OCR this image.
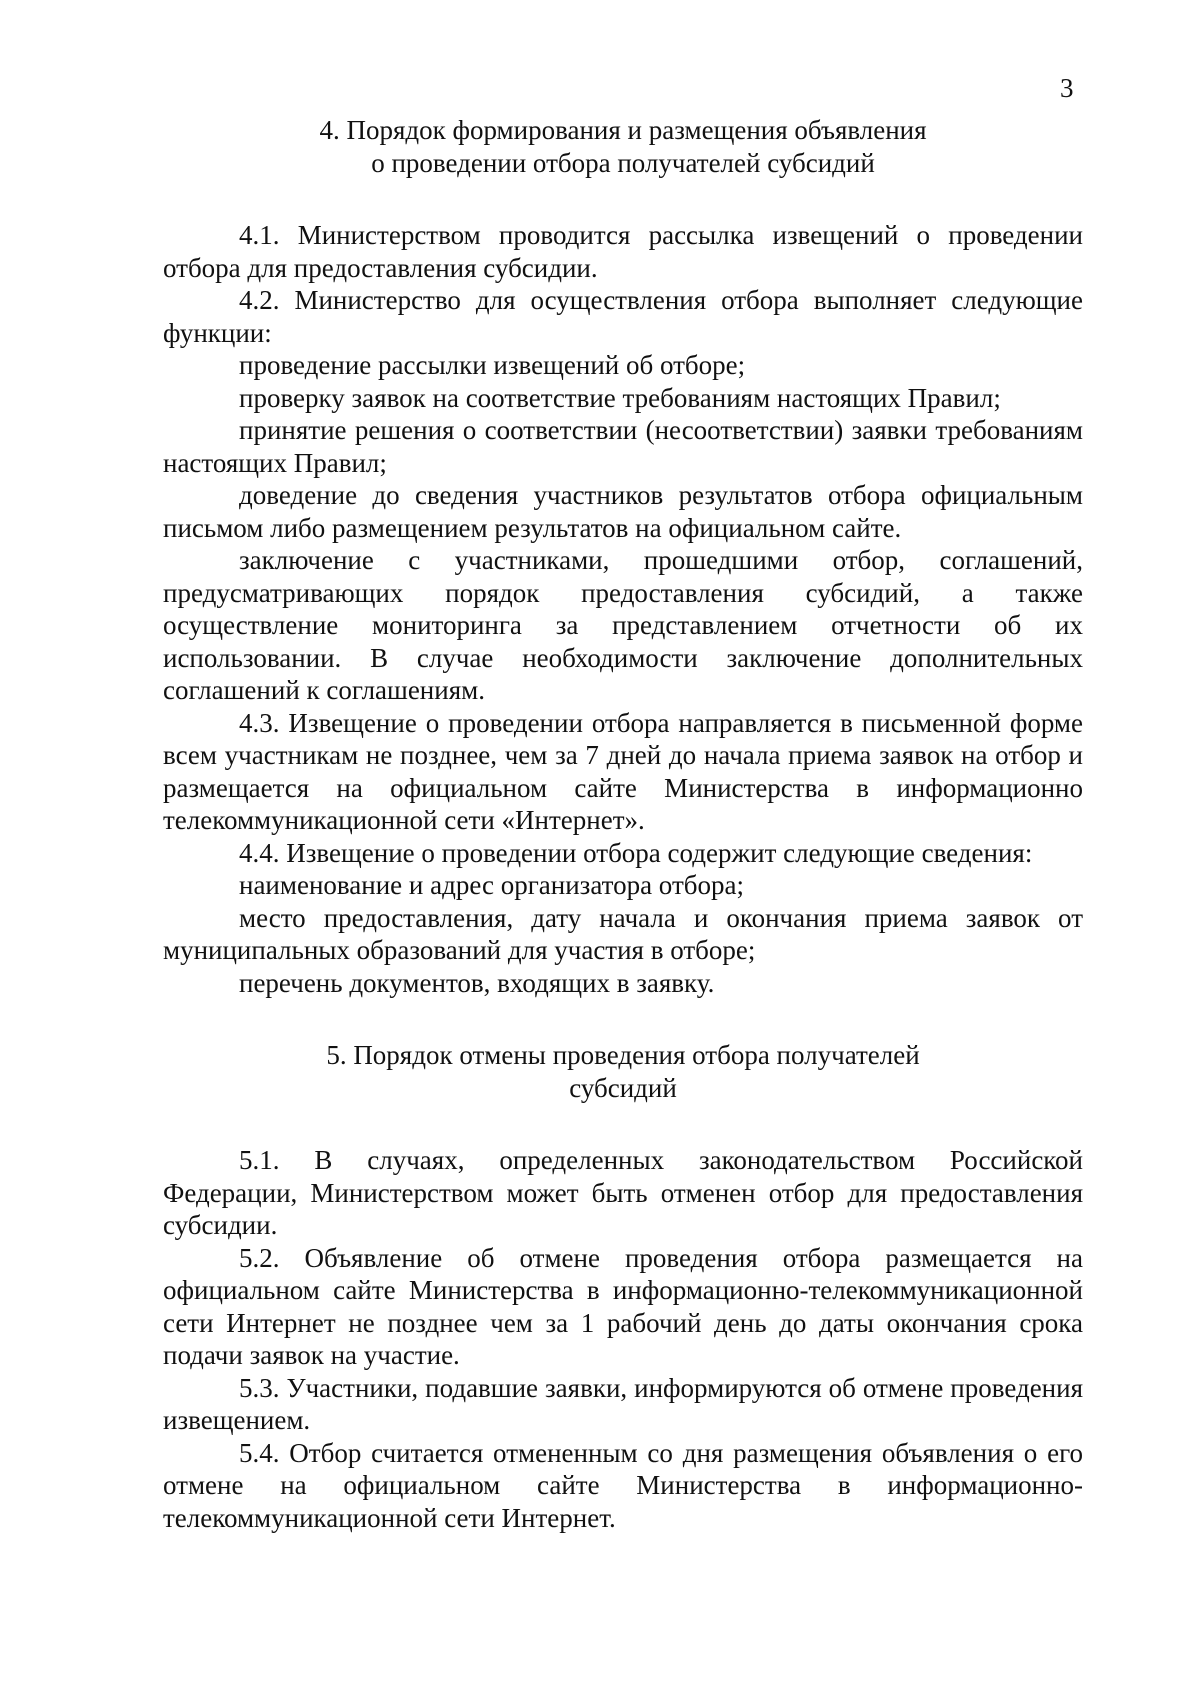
3
4. Порядок формирования и размещения объявления
о проведении отбора получателей субсидий

4.1. Министерством проводится рассылка извещений о проведении отбора для предоставления субсидии.

4.2. Министерство для осуществления отбора выполняет следующие функции:

проведение рассылки извещений об отборе;

проверку заявок на соответствие требованиям настоящих Правил;

принятие решения о соответствии (несоответствии) заявки требованиям настоящих Правил;

доведение до сведения участников результатов отбора официальным письмом либо размещением результатов на официальном сайте.

заключение с участниками, прошедшими отбор, соглашений, предусматривающих порядок предоставления субсидий, а также осуществление мониторинга за представлением отчетности об их использовании. В случае необходимости заключение дополнительных соглашений к соглашениям.

4.3. Извещение о проведении отбора направляется в письменной форме всем участникам не позднее, чем за 7 дней до начала приема заявок на отбор и размещается на официальном сайте Министерства в информационно телекоммуникационной сети «Интернет».

4.4. Извещение о проведении отбора содержит следующие сведения:

наименование и адрес организатора отбора;

место предоставления, дату начала и окончания приема заявок от муниципальных образований для участия в отборе;

перечень документов, входящих в заявку.

5. Порядок отмены проведения отбора получателей
субсидий

5.1. В случаях, определенных законодательством Российской Федерации, Министерством может быть отменен отбор для предоставления субсидии.

5.2. Объявление об отмене проведения отбора размещается на официальном сайте Министерства в информационно-телекоммуникационной сети Интернет не позднее чем за 1 рабочий день до даты окончания срока подачи заявок на участие.

5.3. Участники, подавшие заявки, информируются об отмене проведения извещением.

5.4. Отбор считается отмененным со дня размещения объявления о его отмене на официальном сайте Министерства в информационно-телекоммуникационной сети Интернет.
